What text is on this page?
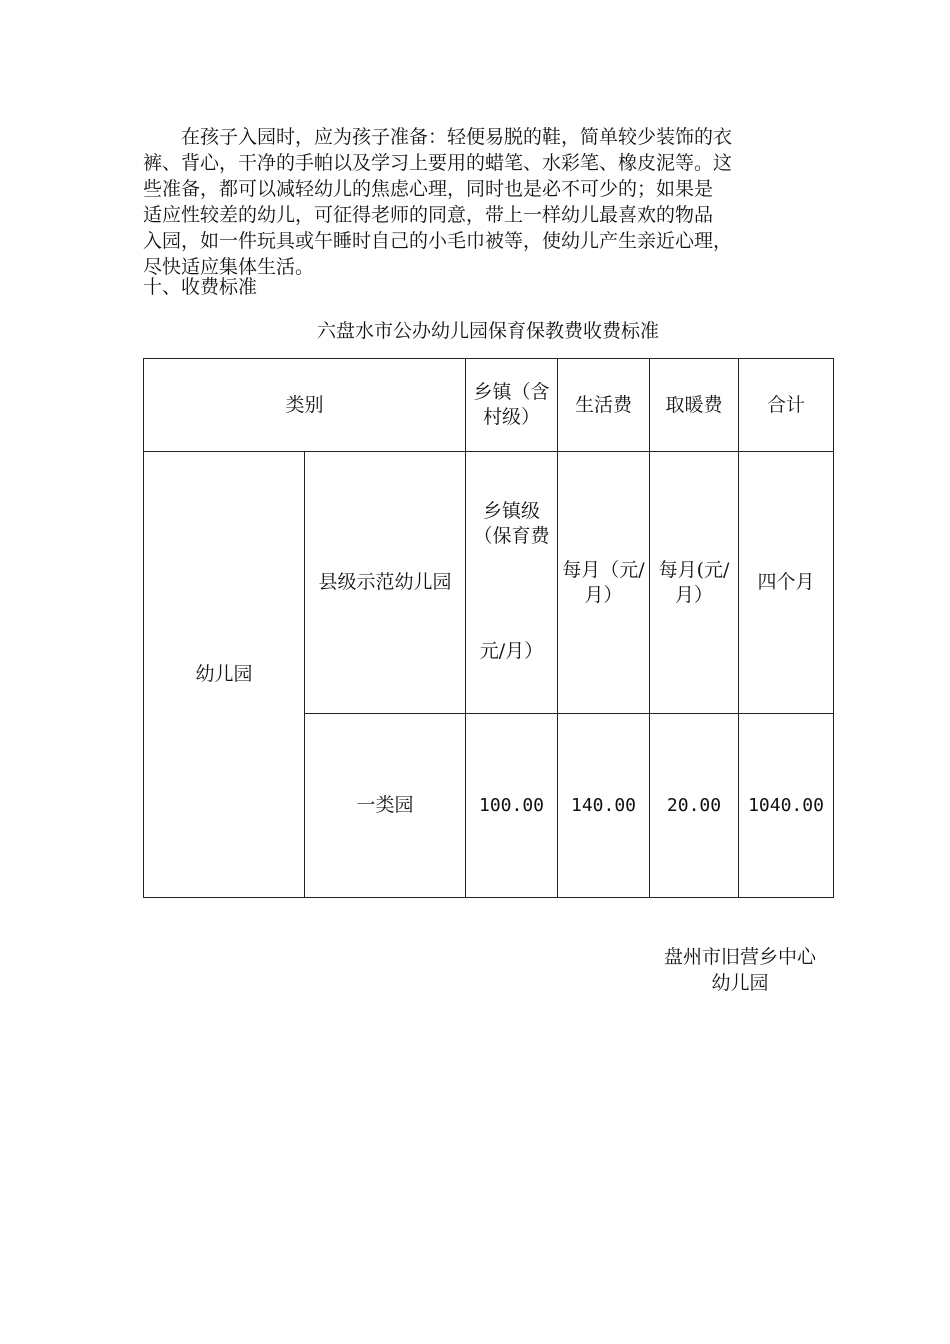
在孩子入园时，应为孩子准备：轻便易脱的鞋，简单较少装饰的衣
裤、背心，干净的手帕以及学习上要用的蜡笔、水彩笔、橡皮泥等。这
些准备，都可以减轻幼儿的焦虑心理，同时也是必不可少的；如果是
适应性较差的幼儿，可征得老师的同意，带上一样幼儿最喜欢的物品
入园，如一件玩具或午睡时自己的小毛巾被等，使幼儿产生亲近心理，
尽快适应集体生活。

十、收费标准

六盘水市公办幼儿园保育保教费收费标准

类别		乡镇（含村级）	生活费	取暖费	合计
幼儿园	县级示范幼儿园	乡镇级（保育费
元/月）	每月（元/月）	每月(元/月）	四个月
	一类园	100.00	140.00	20.00	1040.00
盘州市旧营乡中心
幼儿园
